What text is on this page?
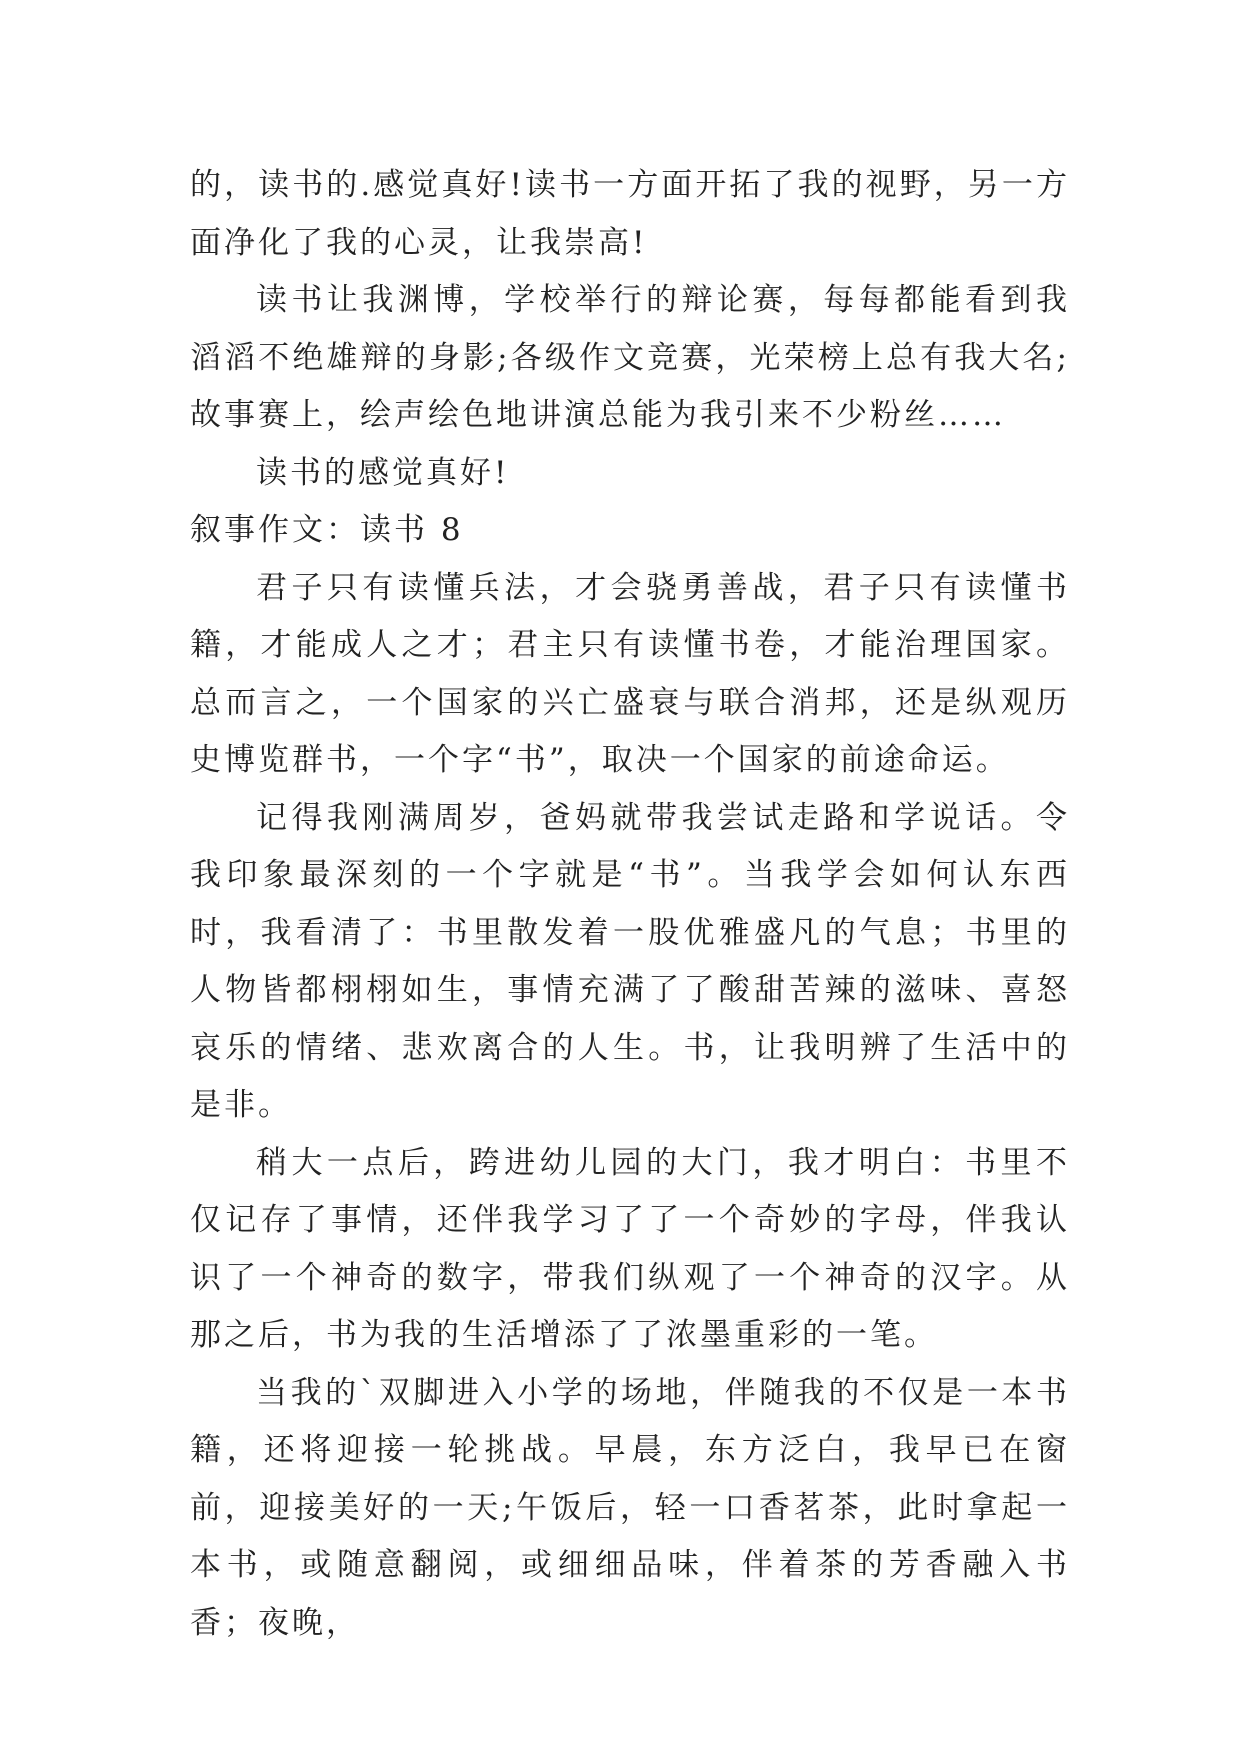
的，读书的.感觉真好!读书一方面开拓了我的视野，另一方面净化了我的心灵，让我崇高!

读书让我渊博，学校举行的辩论赛，每每都能看到我滔滔不绝雄辩的身影;各级作文竞赛，光荣榜上总有我大名;故事赛上，绘声绘色地讲演总能为我引来不少粉丝……

读书的感觉真好!

叙事作文：读书 8

君子只有读懂兵法，才会骁勇善战，君子只有读懂书籍，才能成人之才；君主只有读懂书卷，才能治理国家。总而言之，一个国家的兴亡盛衰与联合消邦，还是纵观历史博览群书，一个字“书”，取决一个国家的前途命运。

记得我刚满周岁，爸妈就带我尝试走路和学说话。令我印象最深刻的一个字就是“书”。当我学会如何认东西时，我看清了：书里散发着一股优雅盛凡的气息；书里的人物皆都栩栩如生，事情充满了了酸甜苦辣的滋味、喜怒哀乐的情绪、悲欢离合的人生。书，让我明辨了生活中的是非。

稍大一点后，跨进幼儿园的大门，我才明白：书里不仅记存了事情，还伴我学习了了一个奇妙的字母，伴我认识了一个神奇的数字，带我们纵观了一个神奇的汉字。从那之后，书为我的生活增添了了浓墨重彩的一笔。

当我的`双脚进入小学的场地，伴随我的不仅是一本书籍，还将迎接一轮挑战。早晨，东方泛白，我早已在窗前，迎接美好的一天;午饭后，轻一口香茗茶，此时拿起一本书，或随意翻阅，或细细品味，伴着茶的芳香融入书香；夜晚，
